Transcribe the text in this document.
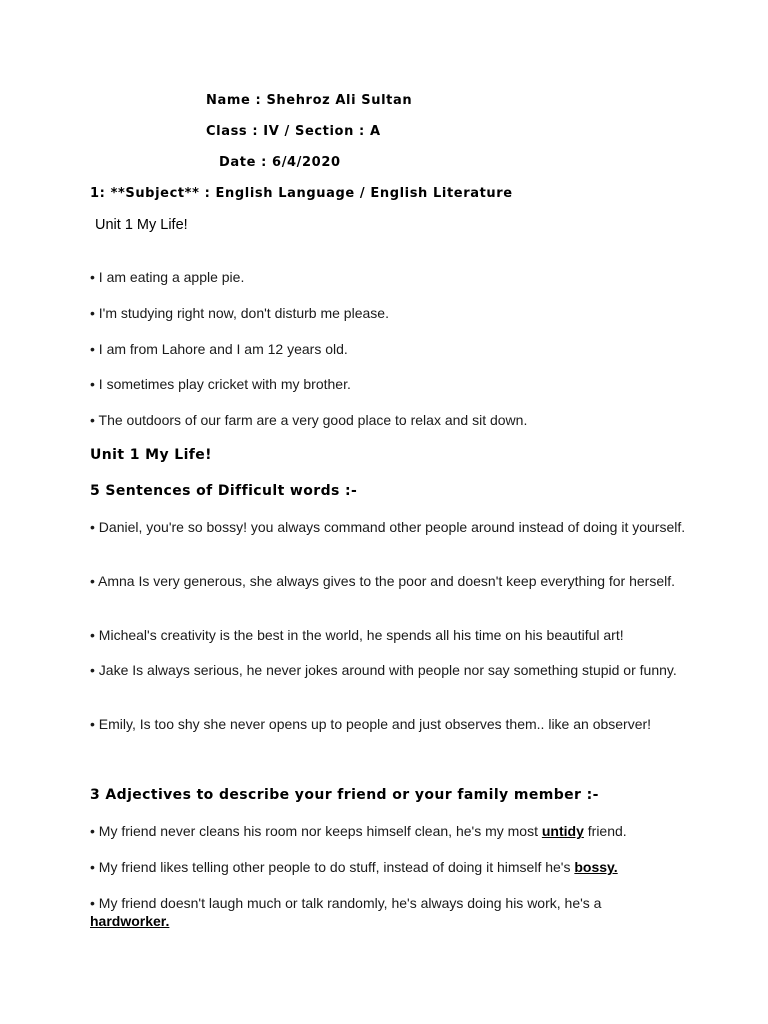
Name : Shehroz Ali Sultan
Class : IV / Section : A
Date : 6/4/2020
1: **Subject** : English Language / English Literature
Unit 1 My Life!
• I am eating a apple pie.
• I'm studying right now, don't disturb me please.
• I am from Lahore and I am 12 years old.
• I sometimes play cricket with my brother.
• The outdoors of our farm are a very good place to relax and sit down.
Unit 1 My Life!
5 Sentences of Difficult words :-
• Daniel, you're so bossy! you always command other people around instead of doing it yourself.
• Amna Is very generous, she always gives to the poor and doesn't keep everything for herself.
• Micheal's creativity is the best in the world, he spends all his time on his beautiful art!
• Jake Is always serious, he never jokes around with people nor say something stupid or funny.
• Emily, Is too shy she never opens up to people and just observes them.. like an observer!
3 Adjectives to describe your friend or your family member :-
• My friend never cleans his room nor keeps himself clean, he's my most untidy friend.
• My friend likes telling other people to do stuff, instead of doing it himself he's bossy.
• My friend doesn't laugh much or talk randomly, he's always doing his work, he's a hardworker.
